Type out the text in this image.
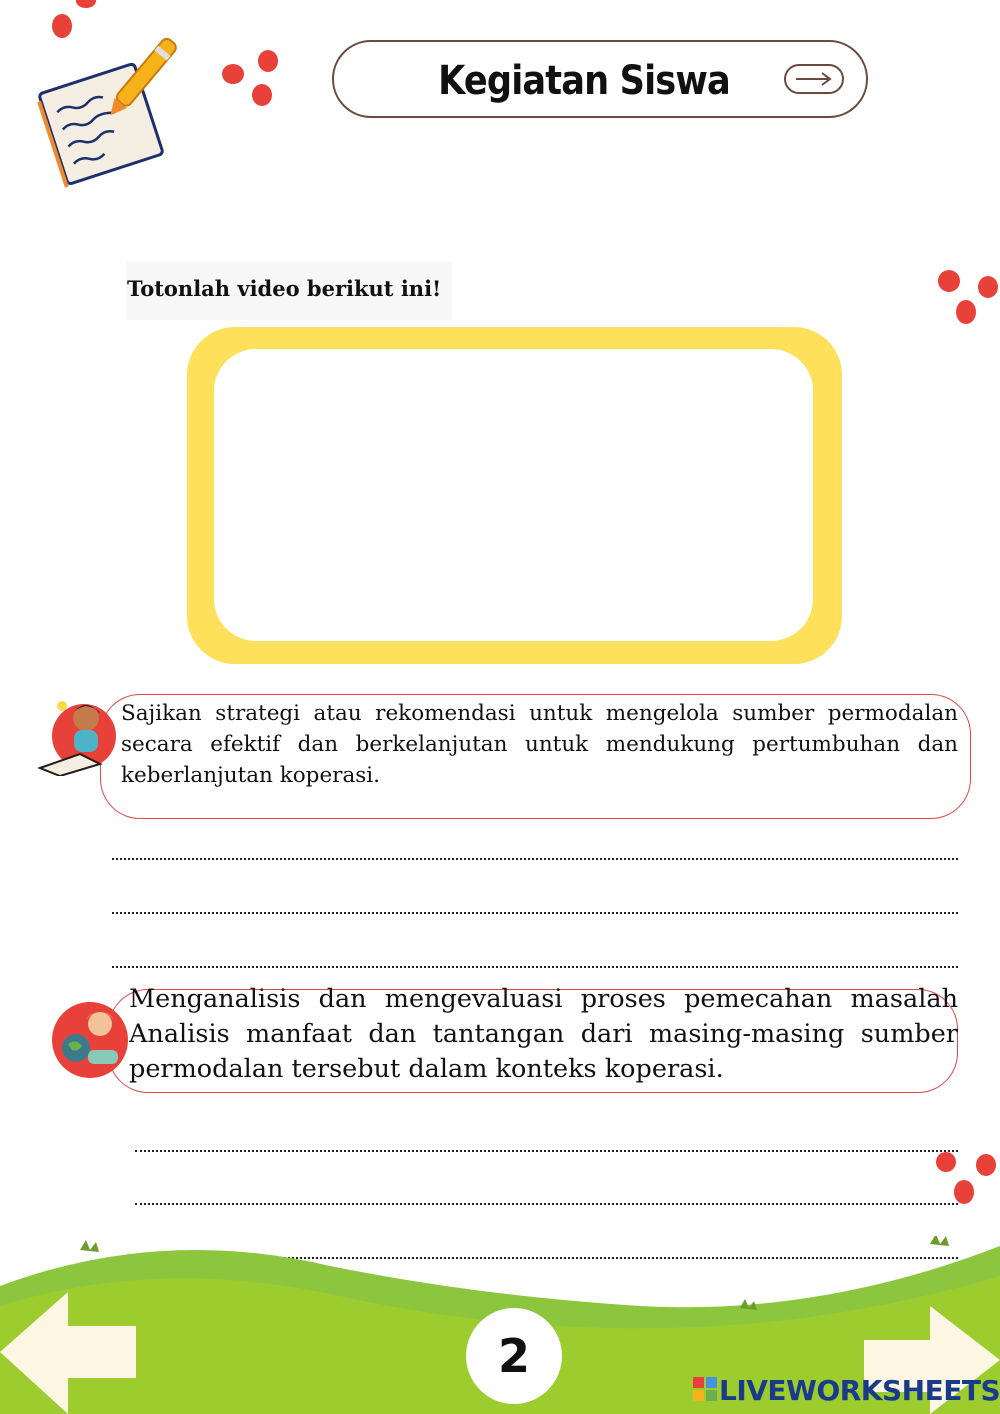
Kegiatan Siswa
Totonlah video berikut ini!
Sajikan strategi atau rekomendasi untuk mengelola sumber permodalan secara efektif dan berkelanjutan untuk mendukung pertumbuhan dan keberlanjutan koperasi.
Menganalisis dan mengevaluasi proses pemecahan masalah Analisis manfaat dan tantangan dari masing-masing sumber permodalan tersebut dalam konteks koperasi.
2
LIVEWORKSHEETS
